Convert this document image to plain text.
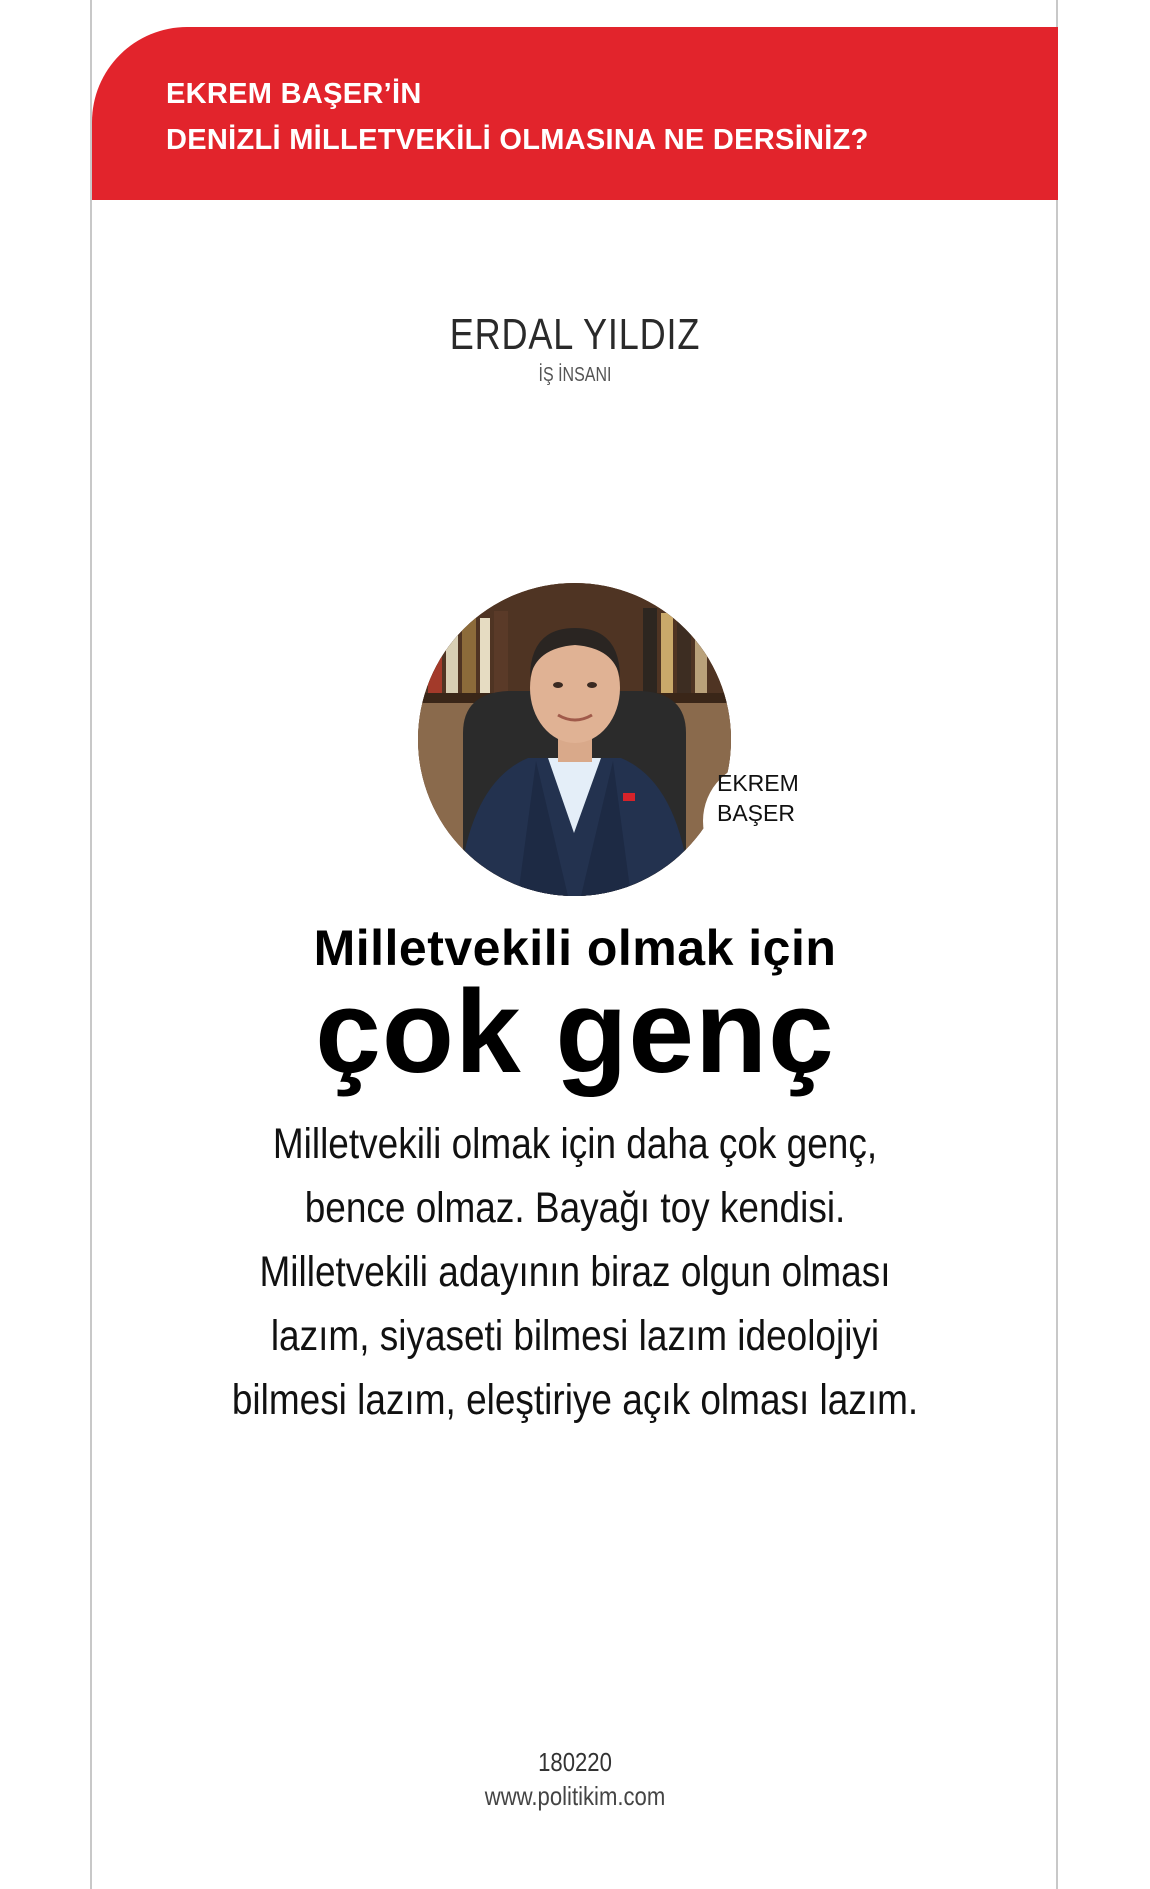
EKREM BAŞER’İN
DENİZLİ MİLLETVEKİLİ OLMASINA NE DERSİNİZ?
ERDAL YILDIZ
İŞ İNSANI

EKREM
BAŞER

Milletvekili olmak için
çok genç

Milletvekili olmak için daha çok genç, bence olmaz. Bayağı toy kendisi. Milletvekili adayının biraz olgun olması lazım, siyaseti bilmesi lazım ideolojiyi bilmesi lazım, eleştiriye açık olması lazım.

180220
www.politikim.com
